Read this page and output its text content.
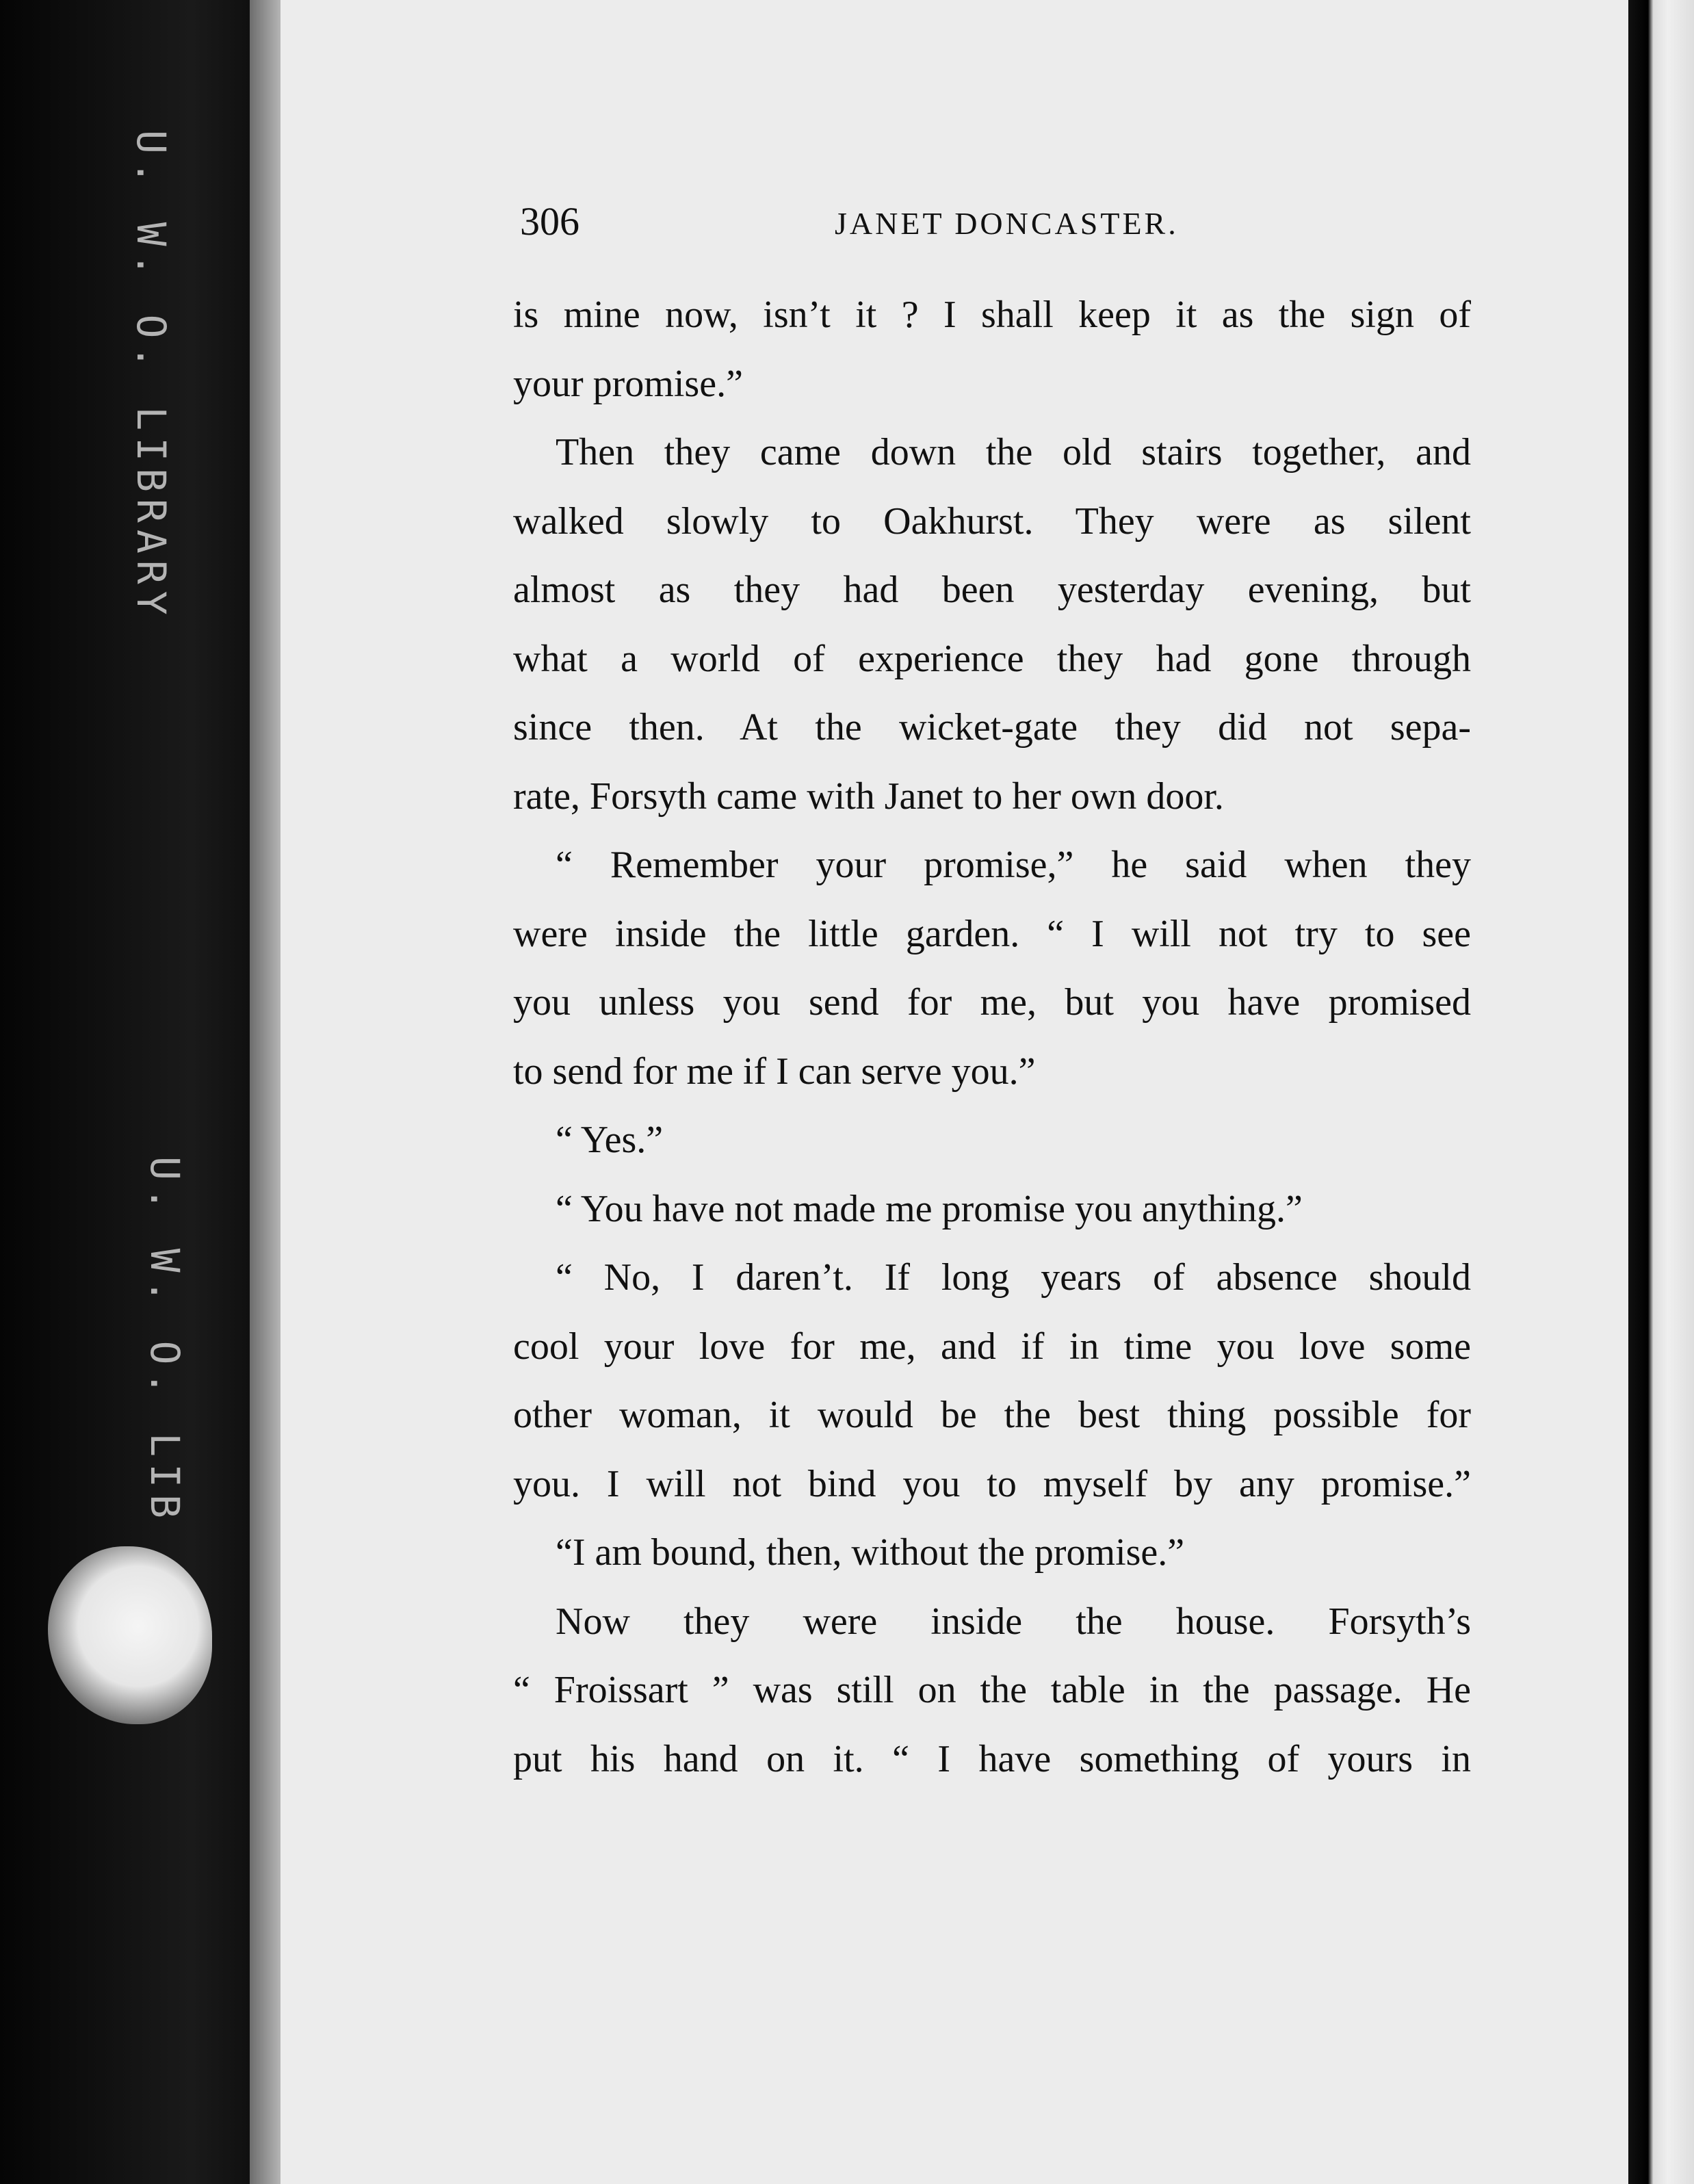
U. W. O. LIBRARY
U. W. O. LIB
306	JANET DONCASTER.
is mine now, isn’t it ? I shall keep it as the sign of
your promise.”
Then they came down the old stairs together, and
walked slowly to Oakhurst. They were as silent
almost as they had been yesterday evening, but
what a world of experience they had gone through
since then. At the wicket-gate they did not sepa-
rate, Forsyth came with Janet to her own door.
“ Remember your promise,” he said when they
were inside the little garden. “ I will not try to see
you unless you send for me, but you have promised
to send for me if I can serve you.”
“ Yes.”
“ You have not made me promise you anything.”
“ No, I daren’t. If long years of absence should
cool your love for me, and if in time you love some
other woman, it would be the best thing possible for
you. I will not bind you to myself by any promise.”
“I am bound, then, without the promise.”
Now they were inside the house. Forsyth’s
“ Froissart ” was still on the table in the passage. He
put his hand on it. “ I have something of yours in
